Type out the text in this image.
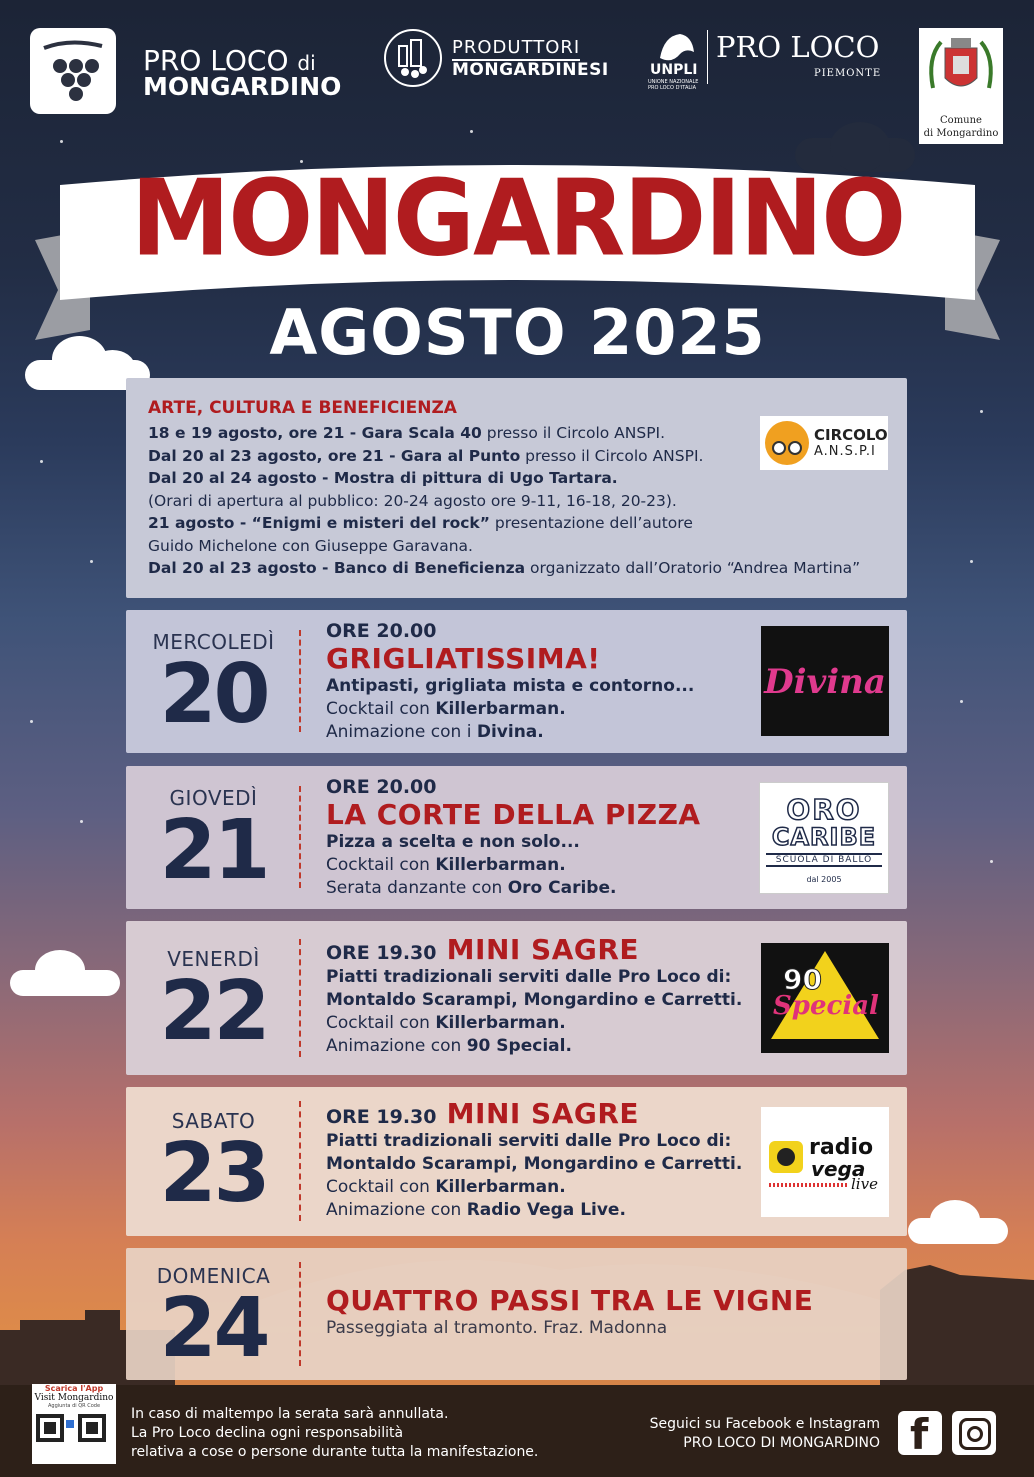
PRO LOCO di
MONGARDINO
PRODUTTORI
MONGARDINESI	UNPLI
UNIONE NAZIONALE PRO LOCO D'ITALIA
PRO LOCO
PIEMONTE
Comune
di Mongardino
MONGARDINO
AGOSTO 2025
ARTE, CULTURA E BENEFICIENZA
18 e 19 agosto, ore 21 - Gara Scala 40 presso il Circolo ANSPI.
Dal 20 al 23 agosto, ore 21 - Gara al Punto presso il Circolo ANSPI.
Dal 20 al 24 agosto - Mostra di pittura di Ugo Tartara.
(Orari di apertura al pubblico: 20-24 agosto ore 9-11, 16-18, 20-23).
21 agosto - “Enigmi e misteri del rock” presentazione dell’autore
Guido Michelone con Giuseppe Garavana.
Dal 20 al 23 agosto - Banco di Beneficienza organizzato dall’Oratorio “Andrea Martina”
CIRCOLO
A.N.S.P.I
MERCOLEDÌ
20
ORE 20.00
GRIGLIATISSIMA!
Antipasti, grigliata mista e contorno...
Cocktail con Killerbarman.
Animazione con i Divina.
Divina
GIOVEDÌ
21
ORE 20.00
LA CORTE DELLA PIZZA
Pizza a scelta e non solo...
Cocktail con Killerbarman.
Serata danzante con Oro Caribe.
ORO
CARIBE
SCUOLA DI BALLO
dal 2005
VENERDÌ
22
ORE 19.30 MINI SAGRE
Piatti tradizionali serviti dalle Pro Loco di:
Montaldo Scarampi, Mongardino e Carretti.
Cocktail con Killerbarman.
Animazione con 90 Special.
90
Special
SABATO
23
ORE 19.30 MINI SAGRE
Piatti tradizionali serviti dalle Pro Loco di:
Montaldo Scarampi, Mongardino e Carretti.
Cocktail con Killerbarman.
Animazione con Radio Vega Live.
radio
vega
live
DOMENICA
24	QUATTRO PASSI TRA LE VIGNE
Passeggiata al tramonto. Fraz. Madonna
Scarica l'App
Visit Mongardino
Aggiunta di QR Code	In caso di maltempo la serata sarà annullata.
La Pro Loco declina ogni responsabilità
relativa a cose o persone durante tutta la manifestazione.
Seguici su Facebook e Instagram
PRO LOCO DI MONGARDINO f
